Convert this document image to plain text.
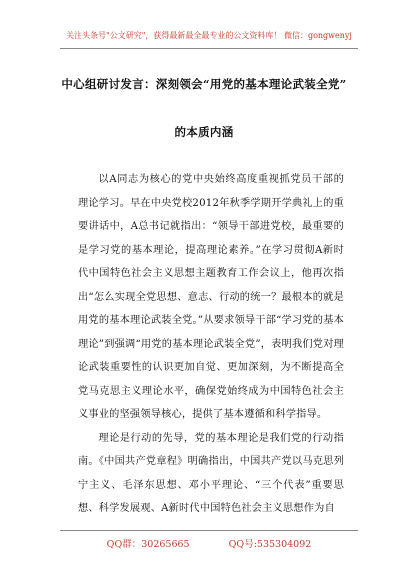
关注头条号"公文研究"，获得最新最全最专业的公文资料库！ 微信：gongwenyj
中心组研讨发言：深刻领会“用党的基本理论武装全党”
的本质内涵

以A同志为核心的党中央始终高度重视抓党员干部的理论学习。早在中央党校2012年秋季学期开学典礼上的重要讲话中，A总书记就指出：“领导干部进党校，最重要的是学习党的基本理论，提高理论素养。”在学习贯彻A新时代中国特色社会主义思想主题教育工作会议上，他再次指出“怎么实现全党思想、意志、行动的统一？最根本的就是用党的基本理论武装全党。”从要求领导干部“学习党的基本理论”到强调“用党的基本理论武装全党”，表明我们党对理论武装重要性的认识更加自觉、更加深刻，为不断提高全党马克思主义理论水平，确保党始终成为中国特色社会主义事业的坚强领导核心，提供了基本遵循和科学指导。

理论是行动的先导，党的基本理论是我们党的行动指南。《中国共产党章程》明确指出，中国共产党以马克思列宁主义、毛泽东思想、邓小平理论、“三个代表”重要思想、科学发展观、A新时代中国特色社会主义思想作为自

QQ群：30265665	QQ号:535304092
